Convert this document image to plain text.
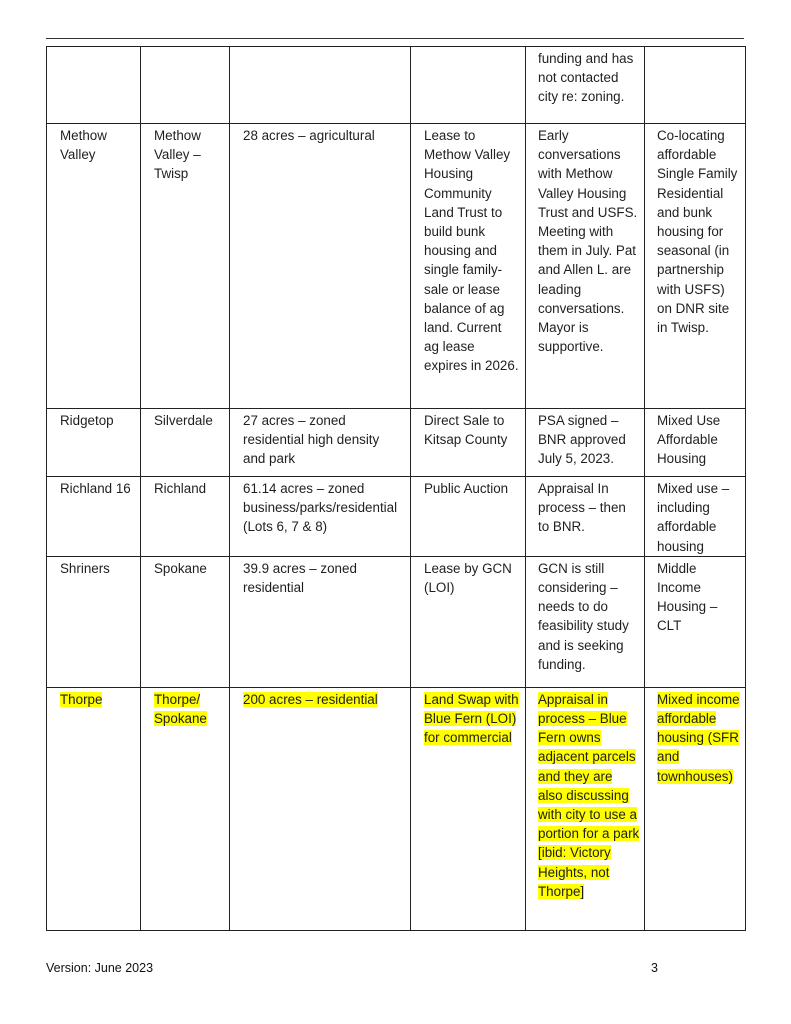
				funding and has not contacted city re: zoning.	
Methow Valley	Methow Valley – Twisp	28 acres – agricultural	Lease to Methow Valley Housing Community Land Trust to build bunk housing and single family-sale or lease balance of ag land. Current ag lease expires in 2026.	Early conversations with Methow Valley Housing Trust and USFS. Meeting with them in July. Pat and Allen L. are leading conversations. Mayor is supportive.	Co-locating affordable Single Family Residential and bunk housing for seasonal (in partnership with USFS) on DNR site in Twisp.
Ridgetop	Silverdale	27 acres – zoned residential high density and park	Direct Sale to Kitsap County	PSA signed –BNR approved July 5, 2023.	Mixed Use Affordable Housing
Richland 16	Richland	61.14 acres – zoned business/parks/residential (Lots 6, 7 & 8)	Public Auction	Appraisal In process – then to BNR.	Mixed use – including affordable housing
Shriners	Spokane	39.9 acres – zoned residential	Lease by GCN (LOI)	GCN is still considering – needs to do feasibility study and is seeking funding.	Middle Income Housing – CLT
Thorpe	Thorpe/ Spokane	200 acres – residential	Land Swap with Blue Fern (LOI) for commercial	Appraisal in process – Blue Fern owns adjacent parcels and they are also discussing with city to use a portion for a park [ibid: Victory Heights, not Thorpe]	Mixed income affordable housing (SFR and townhouses)
Version: June 2023	3
